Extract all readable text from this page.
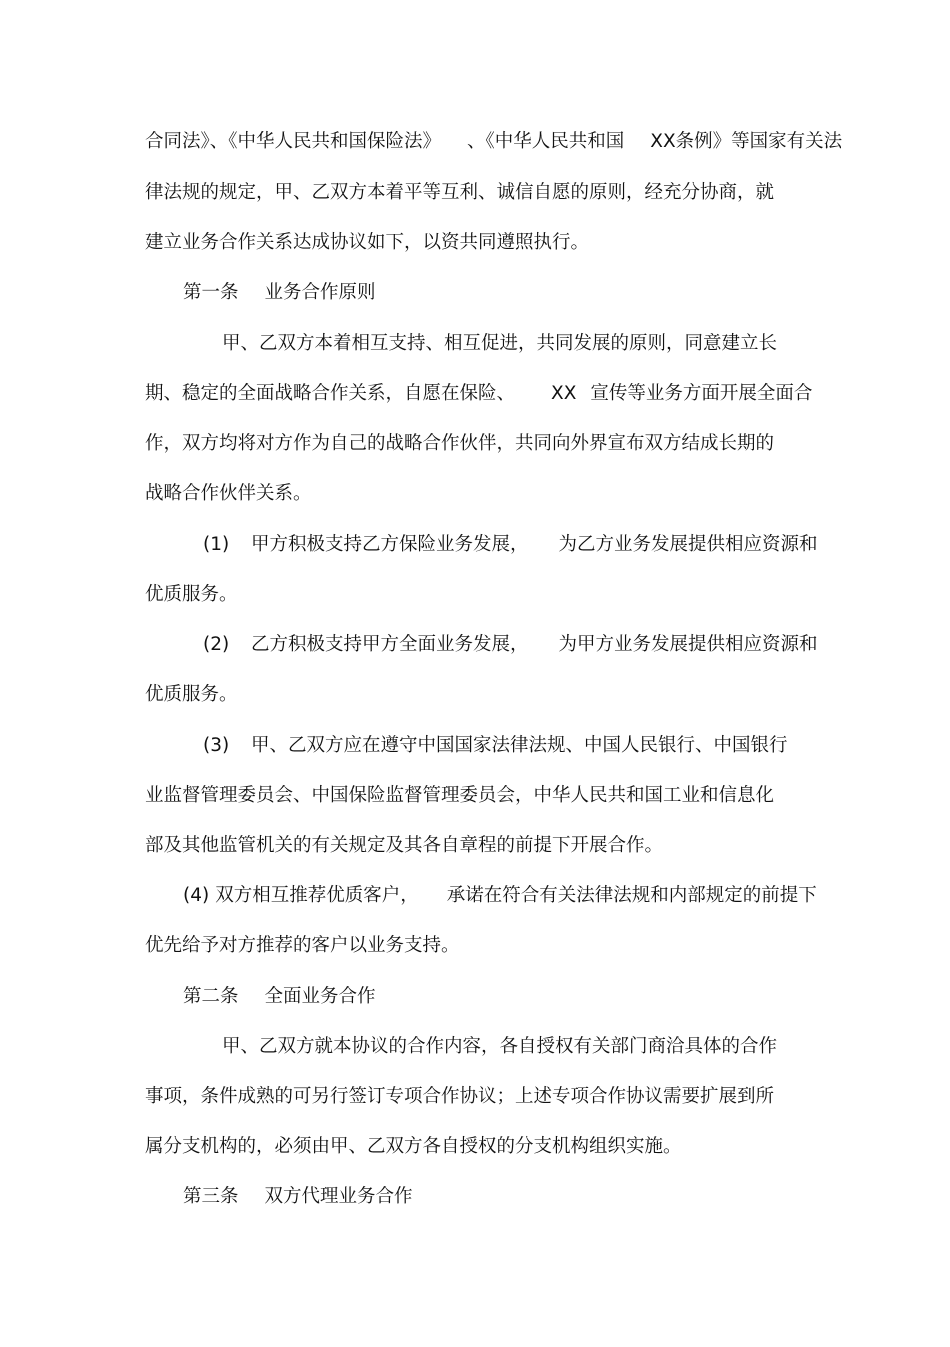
合同法》、《中华人民共和国保险法》 、《中华人民共和国 XX条例》等国家有关法
律法规的规定，甲、乙双方本着平等互利、诚信自愿的原则，经充分协商，就
建立业务合作关系达成协议如下，以资共同遵照执行。
第一条 业务合作原则
甲、乙双方本着相互支持、相互促进，共同发展的原则，同意建立长
期、稳定的全面战略合作关系，自愿在保险、 XX 宣传等业务方面开展全面合
作，双方均将对方作为自己的战略合作伙伴，共同向外界宣布双方结成长期的
战略合作伙伴关系。
(1) 甲方积极支持乙方保险业务发展， 为乙方业务发展提供相应资源和
优质服务。
(2) 乙方积极支持甲方全面业务发展， 为甲方业务发展提供相应资源和
优质服务。
(3) 甲、乙双方应在遵守中国国家法律法规、中国人民银行、中国银行
业监督管理委员会、中国保险监督管理委员会，中华人民共和国工业和信息化
部及其他监管机关的有关规定及其各自章程的前提下开展合作。
(4) 双方相互推荐优质客户， 承诺在符合有关法律法规和内部规定的前提下
优先给予对方推荐的客户以业务支持。
第二条 全面业务合作
甲、乙双方就本协议的合作内容，各自授权有关部门商洽具体的合作
事项，条件成熟的可另行签订专项合作协议；上述专项合作协议需要扩展到所
属分支机构的，必须由甲、乙双方各自授权的分支机构组织实施。
第三条 双方代理业务合作
